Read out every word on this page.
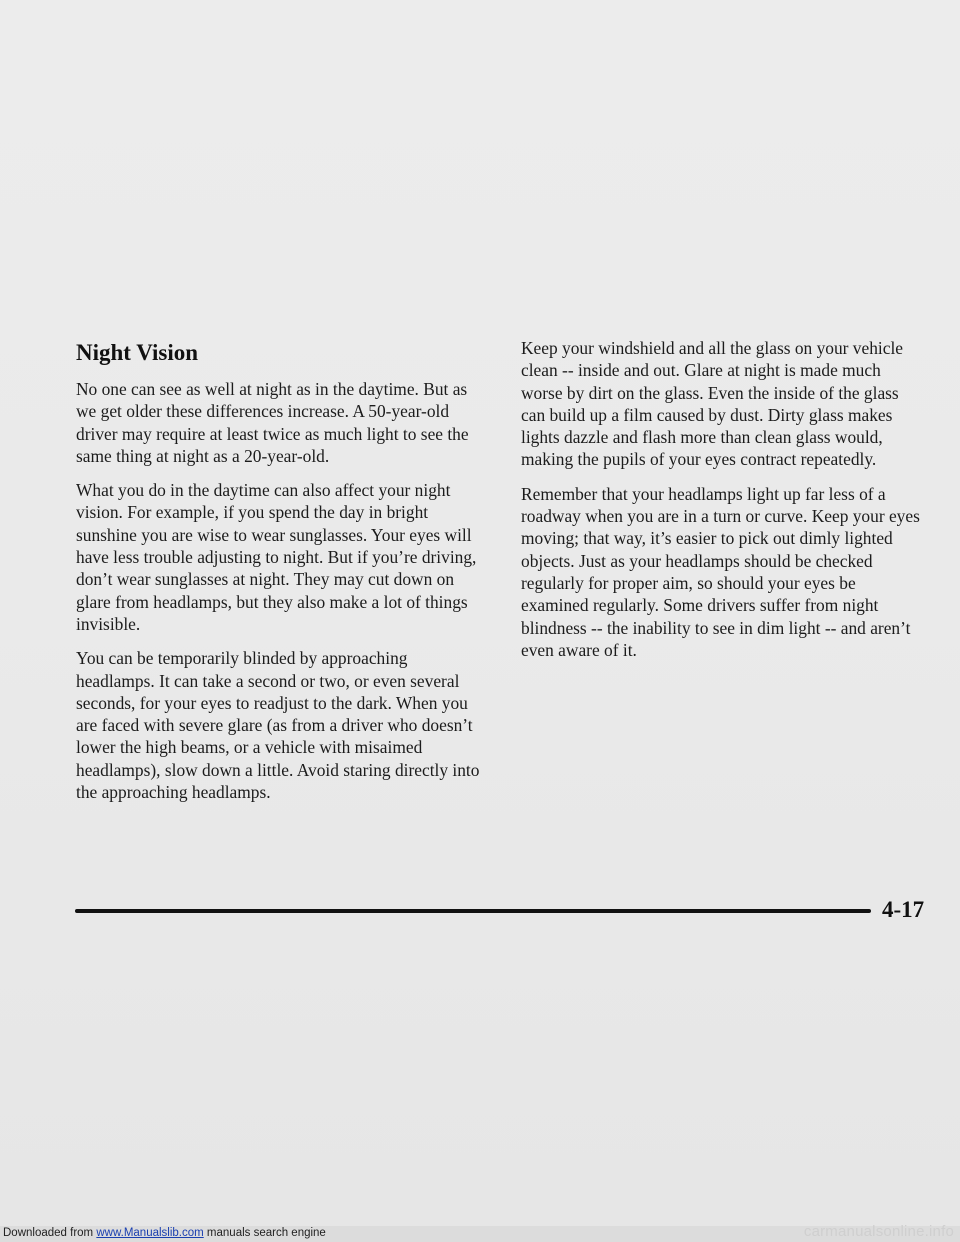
Night Vision

No one can see as well at night as in the daytime. But as we get older these differences increase. A 50-year-old driver may require at least twice as much light to see the same thing at night as a 20-year-old.

What you do in the daytime can also affect your night vision. For example, if you spend the day in bright sunshine you are wise to wear sunglasses. Your eyes will have less trouble adjusting to night. But if you’re driving, don’t wear sunglasses at night. They may cut down on glare from headlamps, but they also make a lot of things invisible.

You can be temporarily blinded by approaching headlamps. It can take a second or two, or even several seconds, for your eyes to readjust to the dark. When you are faced with severe glare (as from a driver who doesn’t lower the high beams, or a vehicle with misaimed headlamps), slow down a little. Avoid staring directly into the approaching headlamps.

Keep your windshield and all the glass on your vehicle clean -- inside and out. Glare at night is made much worse by dirt on the glass. Even the inside of the glass can build up a film caused by dust. Dirty glass makes lights dazzle and flash more than clean glass would, making the pupils of your eyes contract repeatedly.

Remember that your headlamps light up far less of a roadway when you are in a turn or curve. Keep your eyes moving; that way, it’s easier to pick out dimly lighted objects. Just as your headlamps should be checked regularly for proper aim, so should your eyes be examined regularly. Some drivers suffer from night blindness -- the inability to see in dim light -- and aren’t even aware of it.

4-17
Downloaded from www.Manualslib.com manuals search engine	carmanualsonline.info
